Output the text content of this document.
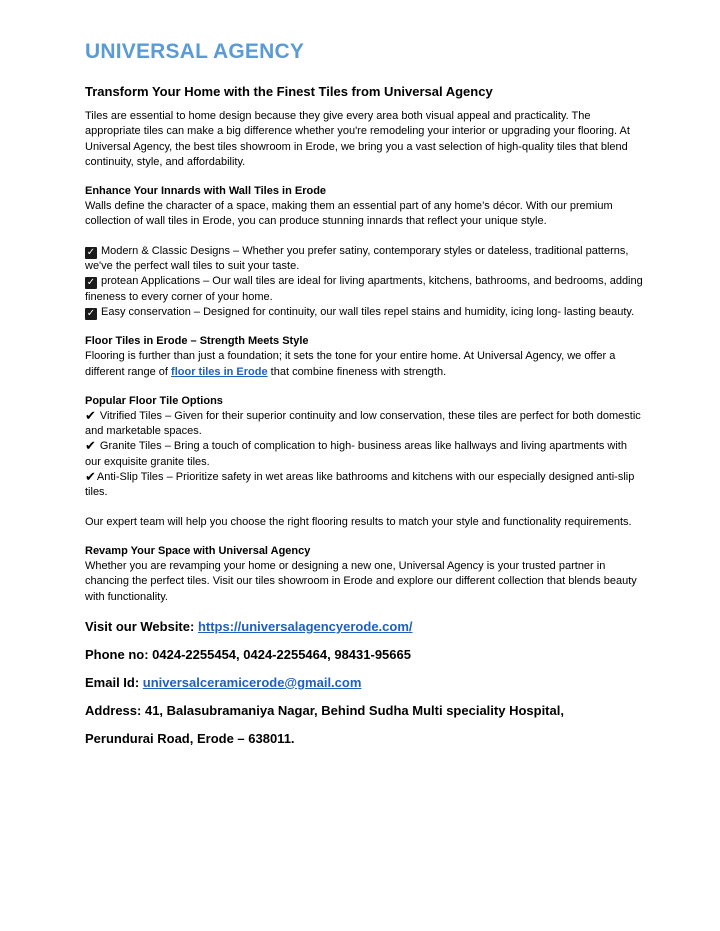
UNIVERSAL AGENCY
Transform Your Home with the Finest Tiles from Universal Agency

Tiles are essential to home design because they give every area both visual appeal and practicality. The appropriate tiles can make a big difference whether you're remodeling your interior or upgrading your flooring. At Universal Agency, the best tiles showroom in Erode, we bring you a vast selection of high-quality tiles that blend continuity, style, and affordability.

Enhance Your Innards with Wall Tiles in Erode

Walls define the character of a space, making them an essential part of any home’s décor. With our premium collection of wall tiles in Erode, you can produce stunning innards that reflect your unique style.

✓ Modern & Classic Designs – Whether you prefer satiny, contemporary styles or dateless, traditional patterns, we've the perfect wall tiles to suit your taste.
✓ protean Applications – Our wall tiles are ideal for living apartments, kitchens, bathrooms, and bedrooms, adding fineness to every corner of your home.
✓ Easy conservation – Designed for continuity, our wall tiles repel stains and humidity, icing long- lasting beauty.
Floor Tiles in Erode – Strength Meets Style

Flooring is further than just a foundation; it sets the tone for your entire home. At Universal Agency, we offer a different range of floor tiles in Erode that combine fineness with strength.

Popular Floor Tile Options
✔ Vitrified Tiles – Given for their superior continuity and low conservation, these tiles are perfect for both domestic and marketable spaces.
✔ Granite Tiles – Bring a touch of complication to high- business areas like hallways and living apartments with our exquisite granite tiles.
✔Anti-Slip Tiles – Prioritize safety in wet areas like bathrooms and kitchens with our especially designed anti-slip tiles.

Our expert team will help you choose the right flooring results to match your style and functionality requirements.

Revamp Your Space with Universal Agency

Whether you are revamping your home or designing a new one, Universal Agency is your trusted partner in chancing the perfect tiles. Visit our tiles showroom in Erode and explore our different collection that blends beauty with functionality.

Visit our Website: https://universalagencyerode.com/
Phone no: 0424-2255454, 0424-2255464, 98431-95665
Email Id: universalceramicerode@gmail.com
Address: 41, Balasubramaniya Nagar, Behind Sudha Multi speciality Hospital,
Perundurai Road, Erode – 638011.
